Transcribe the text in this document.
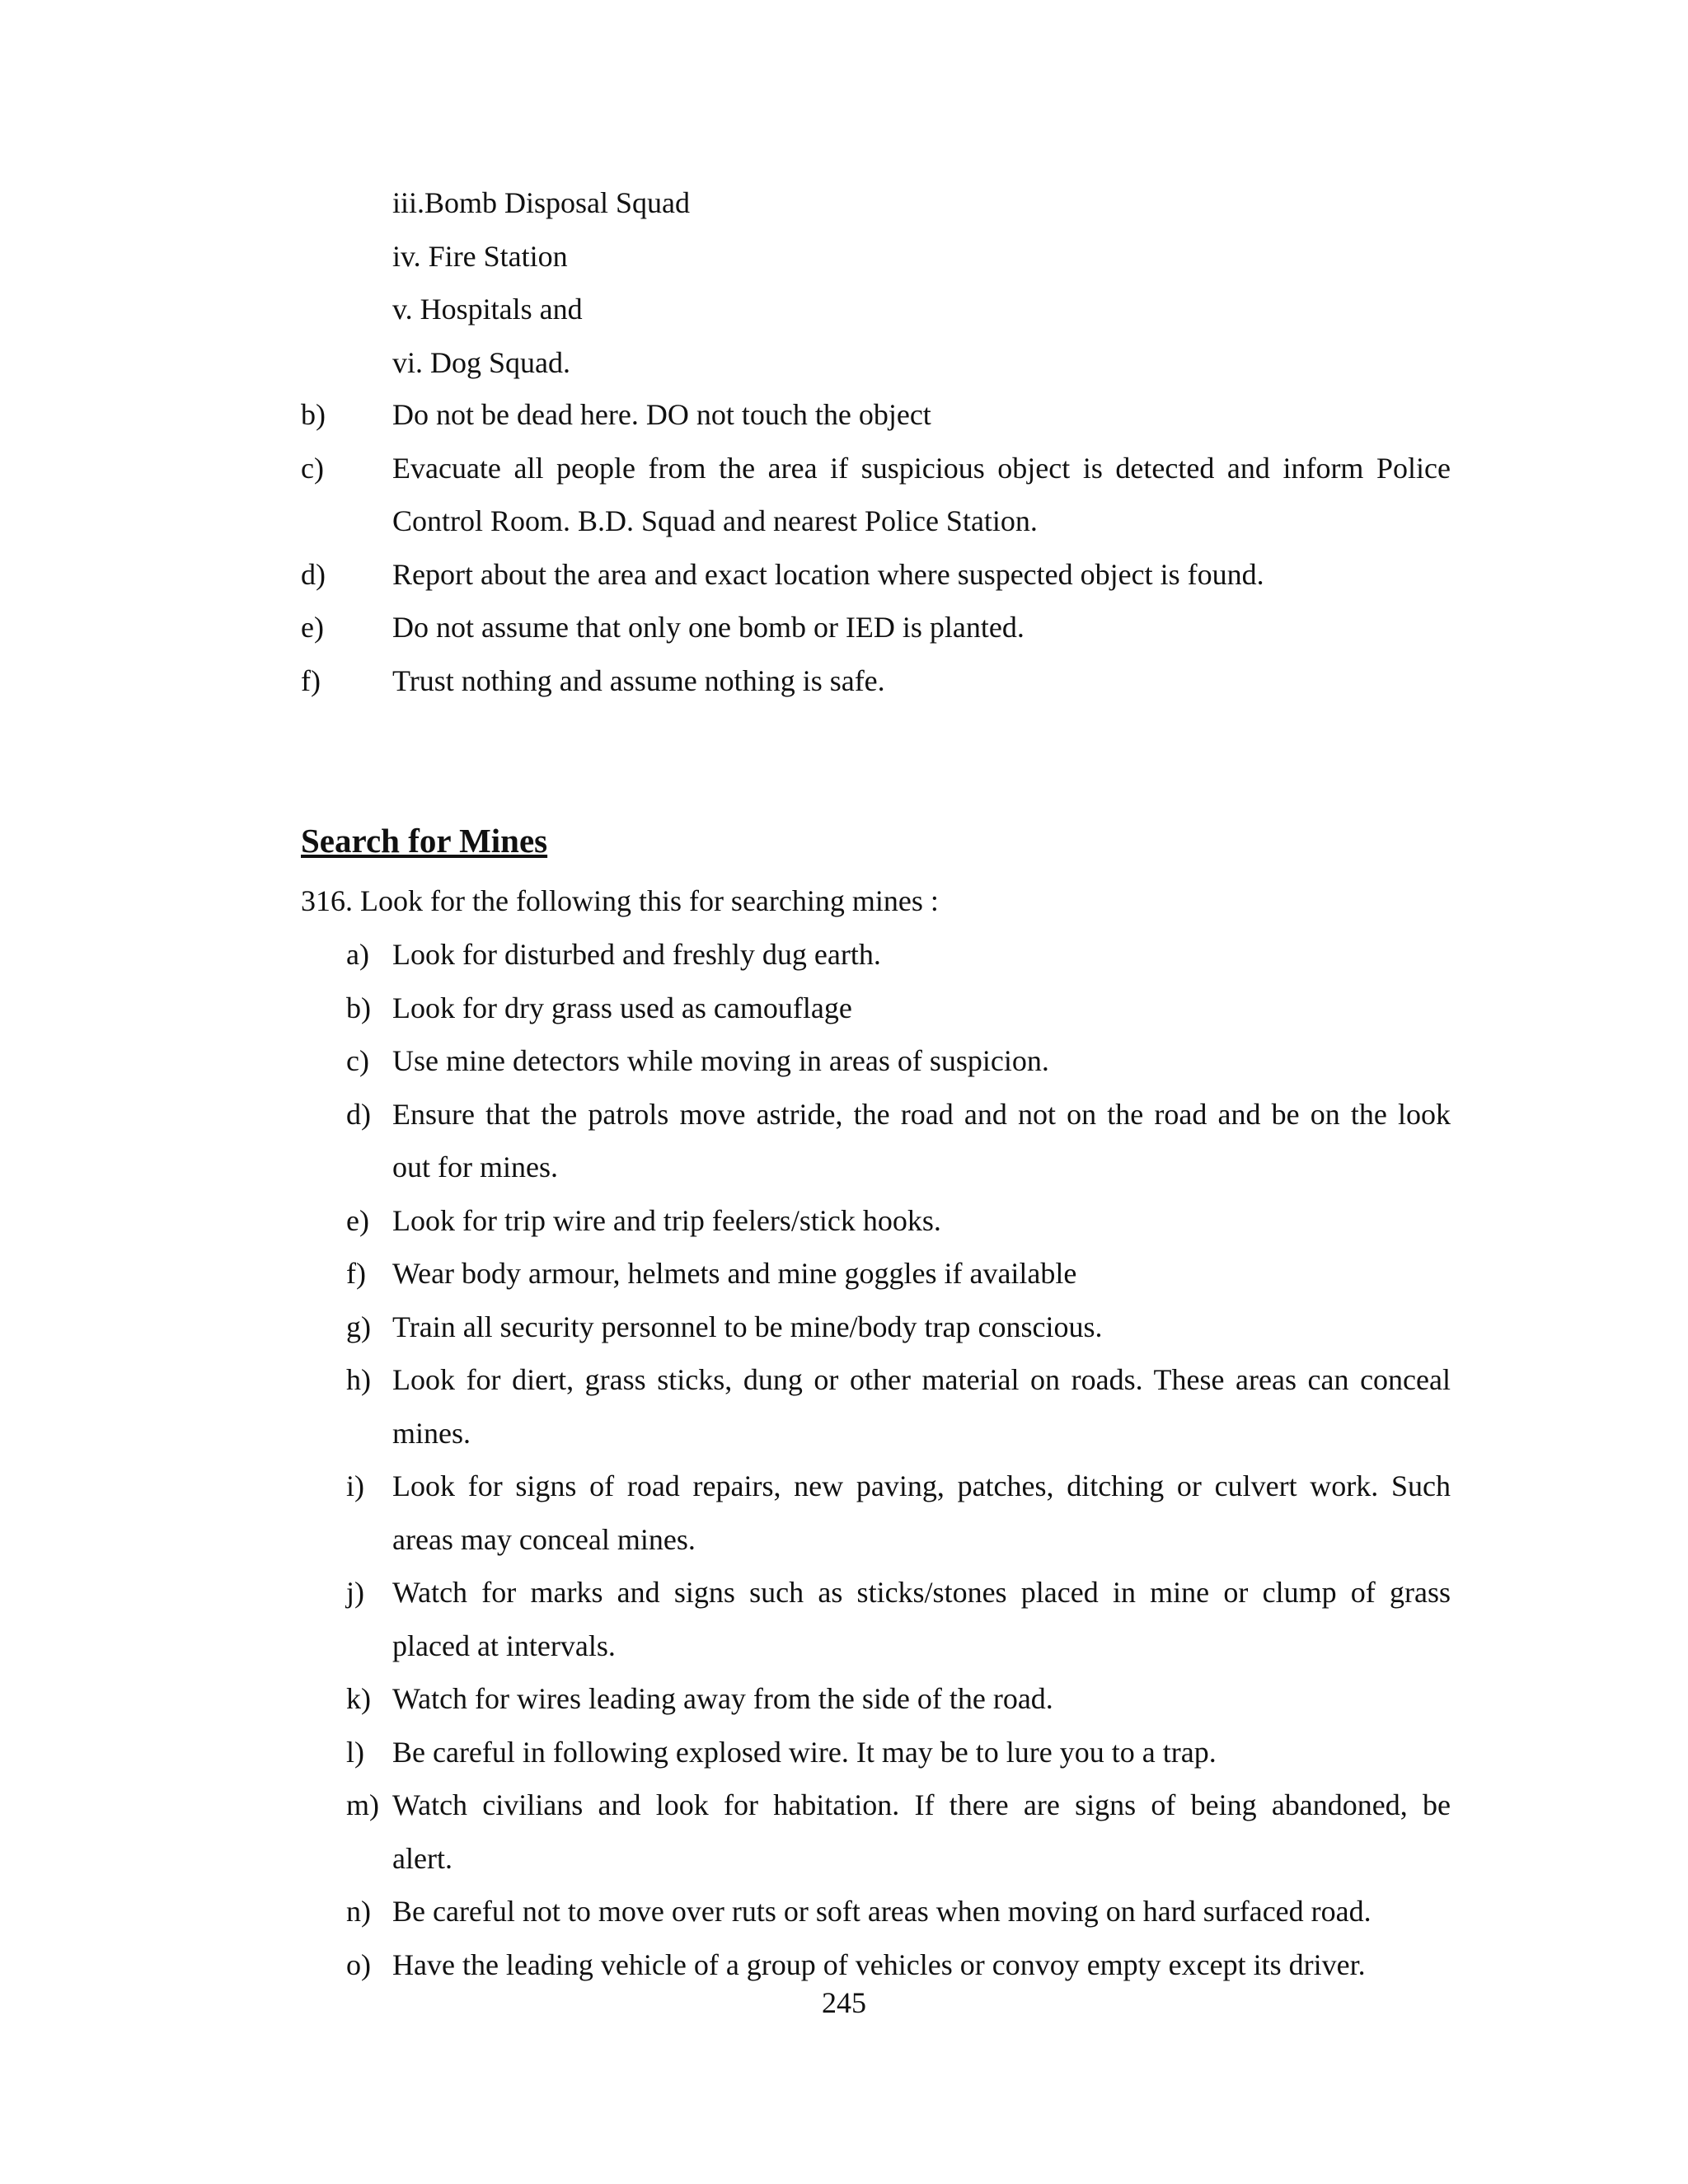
iii.Bomb Disposal Squad
iv. Fire Station
v. Hospitals and
vi. Dog Squad.
b) Do not be dead here. DO not touch the object
c) Evacuate all people from the area if suspicious object is detected and inform Police
Control Room. B.D. Squad and nearest Police Station.
d) Report about the area and exact location where suspected object is found.
e) Do not assume that only one bomb or IED is planted.
f) Trust nothing and assume nothing is safe.
Search for Mines
316. Look for the following this for searching mines :
a) Look for disturbed and freshly dug earth.
b) Look for dry grass used as camouflage
c) Use mine detectors while moving in areas of suspicion.
d) Ensure that the patrols move astride, the road and not on the road and be on the look
out for mines.
e) Look for trip wire and trip feelers/stick hooks.
f) Wear body armour, helmets and mine goggles if available
g) Train all security personnel to be mine/body trap conscious.
h) Look for diert, grass sticks, dung or other material on roads. These areas can conceal
mines.
i) Look for signs of road repairs, new paving, patches, ditching or culvert work. Such
areas may conceal mines.
j) Watch for marks and signs such as sticks/stones placed in mine or clump of grass
placed at intervals.
k) Watch for wires leading away from the side of the road.
l) Be careful in following explosed wire. It may be to lure you to a trap.
m) Watch civilians and look for habitation. If there are signs of being abandoned, be
alert.
n) Be careful not to move over ruts or soft areas when moving on hard surfaced road.
o) Have the leading vehicle of a group of vehicles or convoy empty except its driver.
245
